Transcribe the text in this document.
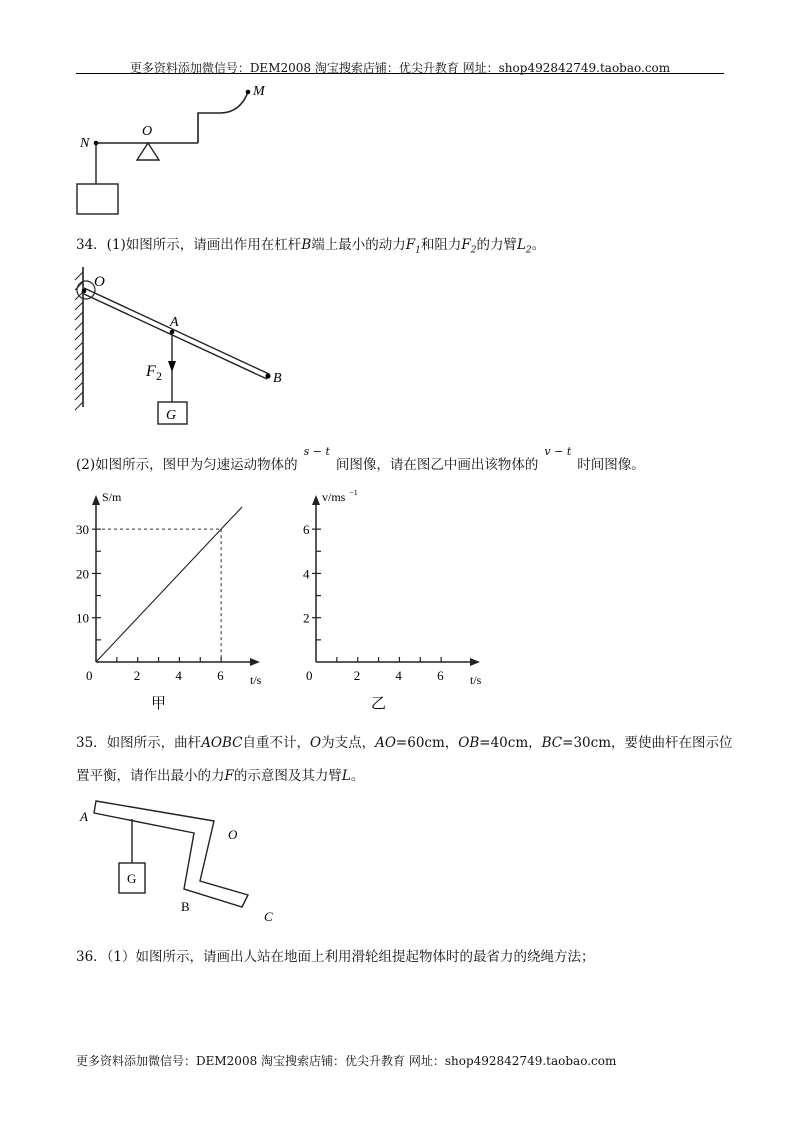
更多资料添加微信号：DEM2008 淘宝搜索店铺：优尖升教育 网址：shop492842749.taobao.com
N
O
M
34．(1)如图所示，请画出作用在杠杆B端上最小的动力$F_1$和阻力$F_2$的力臂$L_2$。
O
A
B
F 2
G
(2)如图所示，图甲为匀速运动物体的$^{s - t}$间图像，请在图乙中画出该物体的$^{v - t}$时间图像。
0	2	4	6
10
20
30
t/s
S/m
甲
0	2	4	6
2
4
6
t/s
v/ms −1
乙
35．如图所示，曲杆AOBC自重不计，O为支点，AO=60cm，OB=40cm，BC=30cm，要使曲杆在图示位
置平衡，请作出最小的力F的示意图及其力臂L。
A
O
B
C
G
36．（1）如图所示，请画出人站在地面上利用滑轮组提起物体时的最省力的绕绳方法；
更多资料添加微信号：DEM2008 淘宝搜索店铺：优尖升教育 网址：shop492842749.taobao.com
